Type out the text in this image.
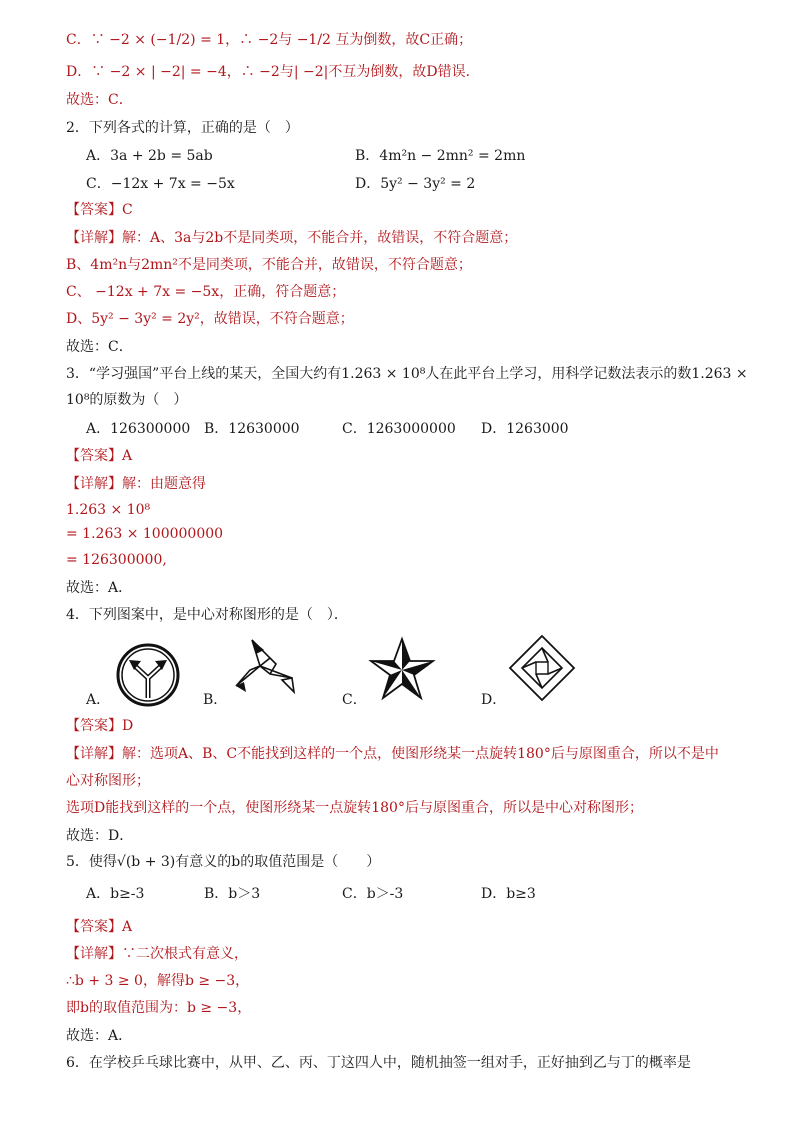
C．∵ −2 × (−1/2) = 1，∴ −2与 −1/2 互为倒数，故C正确；
D．∵ −2 × | −2| = −4，∴ −2与| −2|不互为倒数，故D错误．
故选：C．
2．下列各式的计算，正确的是（　）
A．3a + 2b = 5ab	B．4m²n − 2mn² = 2mn
C．−12x + 7x = −5x	D．5y² − 3y² = 2
【答案】C
【详解】解：A、3a与2b不是同类项，不能合并，故错误，不符合题意；
B、4m²n与2mn²不是同类项，不能合并，故错误，不符合题意；
C、 −12x + 7x = −5x，正确，符合题意；
D、5y² − 3y² = 2y²，故错误，不符合题意；
故选：C．
3．“学习强国”平台上线的某天，全国大约有1.263 × 10⁸人在此平台上学习，用科学记数法表示的数1.263 ×
10⁸的原数为（　）
A．126300000 B．12630000	C．1263000000 D．1263000
【答案】A
【详解】解：由题意得
1.263 × 10⁸
= 1.263 × 100000000
= 126300000,
故选：A．
4．下列图案中，是中心对称图形的是（　）．
A．	B．	C．	D．
【答案】D
【详解】解：选项A、B、C不能找到这样的一个点，使图形绕某一点旋转180°后与原图重合，所以不是中
心对称图形；
选项D能找到这样的一个点，使图形绕某一点旋转180°后与原图重合，所以是中心对称图形；
故选：D．
5．使得√(b + 3)有意义的b的取值范围是（　　）
A．b≥-3	B．b＞3	C．b＞-3	D．b≥3
【答案】A
【详解】∵二次根式有意义，
∴b + 3 ≥ 0，解得b ≥ −3，
即b的取值范围为：b ≥ −3，
故选：A．
6．在学校乒乓球比赛中，从甲、乙、丙、丁这四人中，随机抽签一组对手，正好抽到乙与丁的概率是
